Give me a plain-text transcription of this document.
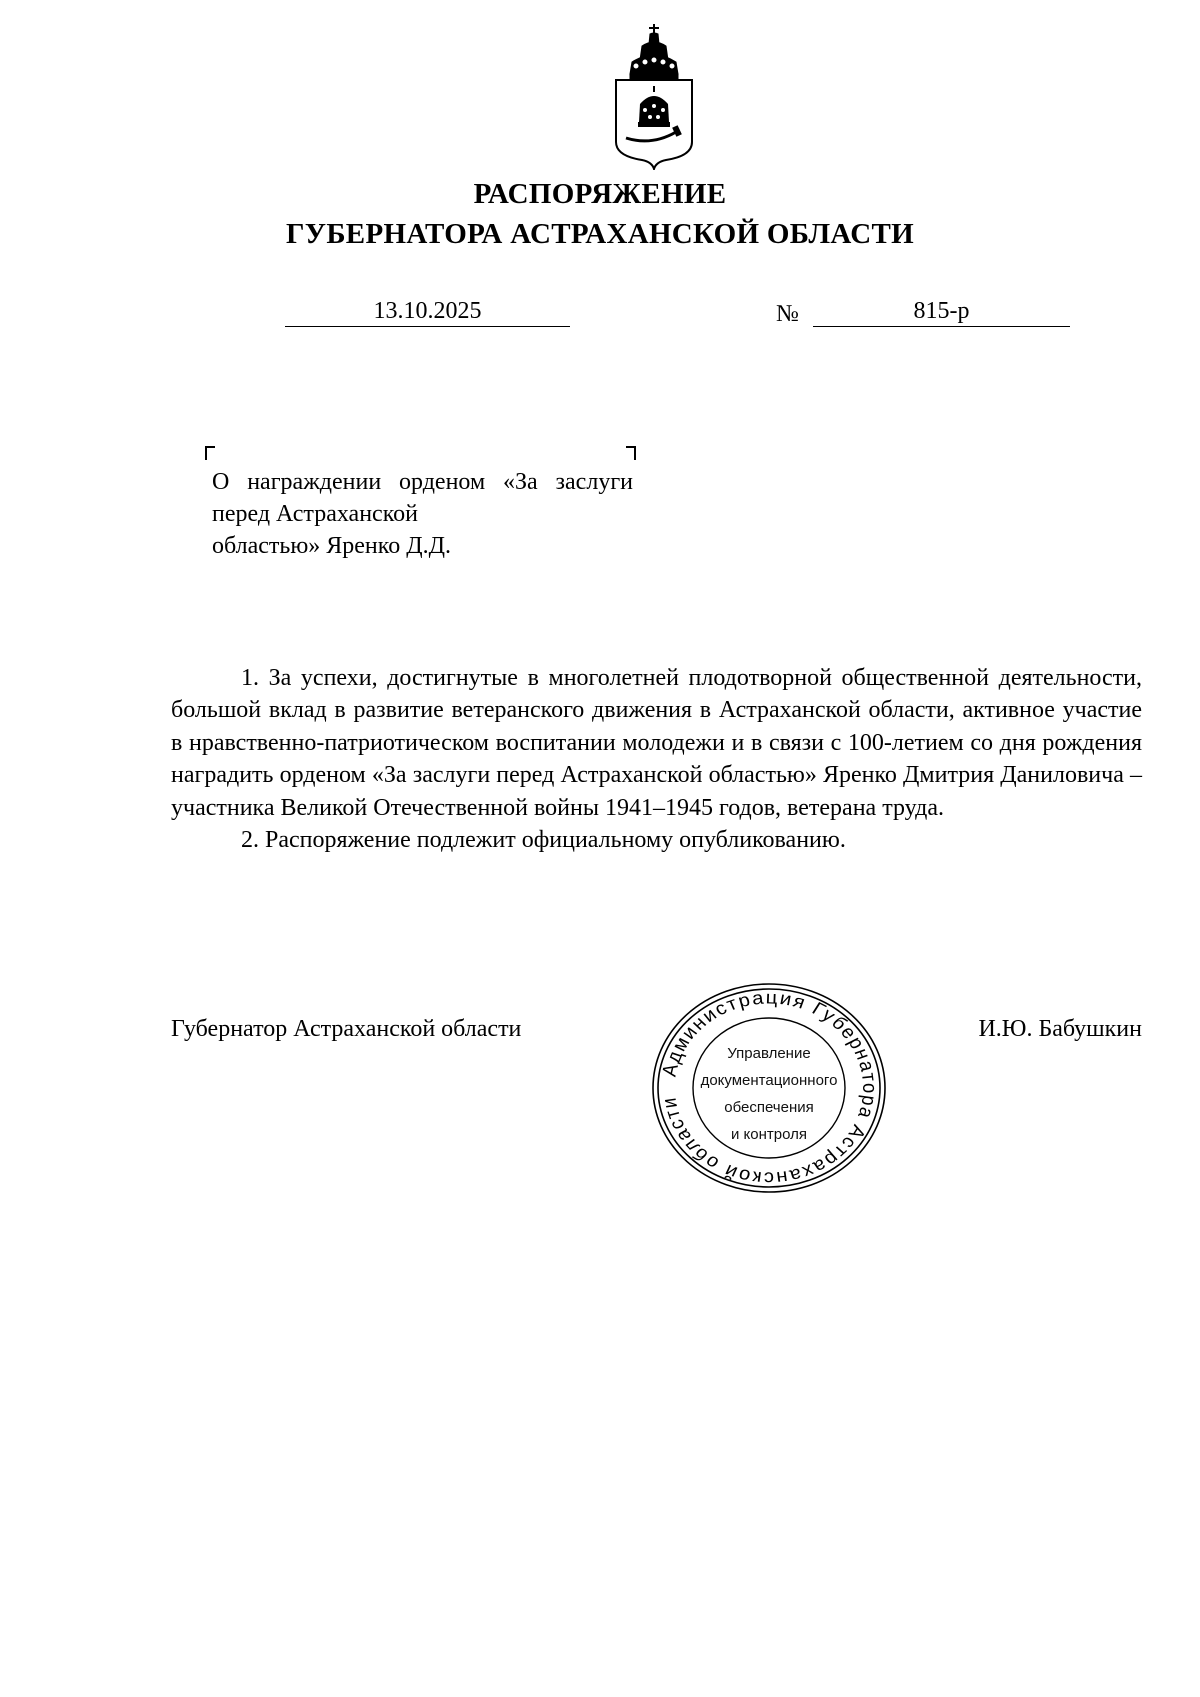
РАСПОРЯЖЕНИЕ
ГУБЕРНАТОРА АСТРАХАНСКОЙ ОБЛАСТИ
13.10.2025	№	815-р
О награждении орденом «За заслуги перед Астраханской
областью» Яренко Д.Д.

1. За успехи, достигнутые в многолетней плодотворной общественной деятельности, большой вклад в развитие ветеранского движения в Астраханской области, активное участие в нравственно-патриотическом воспитании молодежи и в связи с 100-летием со дня рождения наградить орденом «За заслуги перед Астраханской областью» Яренко Дмитрия Даниловича – участника Великой Отечественной войны 1941–1945 годов, ветерана труда.

2. Распоряжение подлежит официальному опубликованию.

Губернатор Астраханской области	И.Ю. Бабушкин
Администрация Губернатора Астраханской области
Управление
документационного
обеспечения
и контроля
